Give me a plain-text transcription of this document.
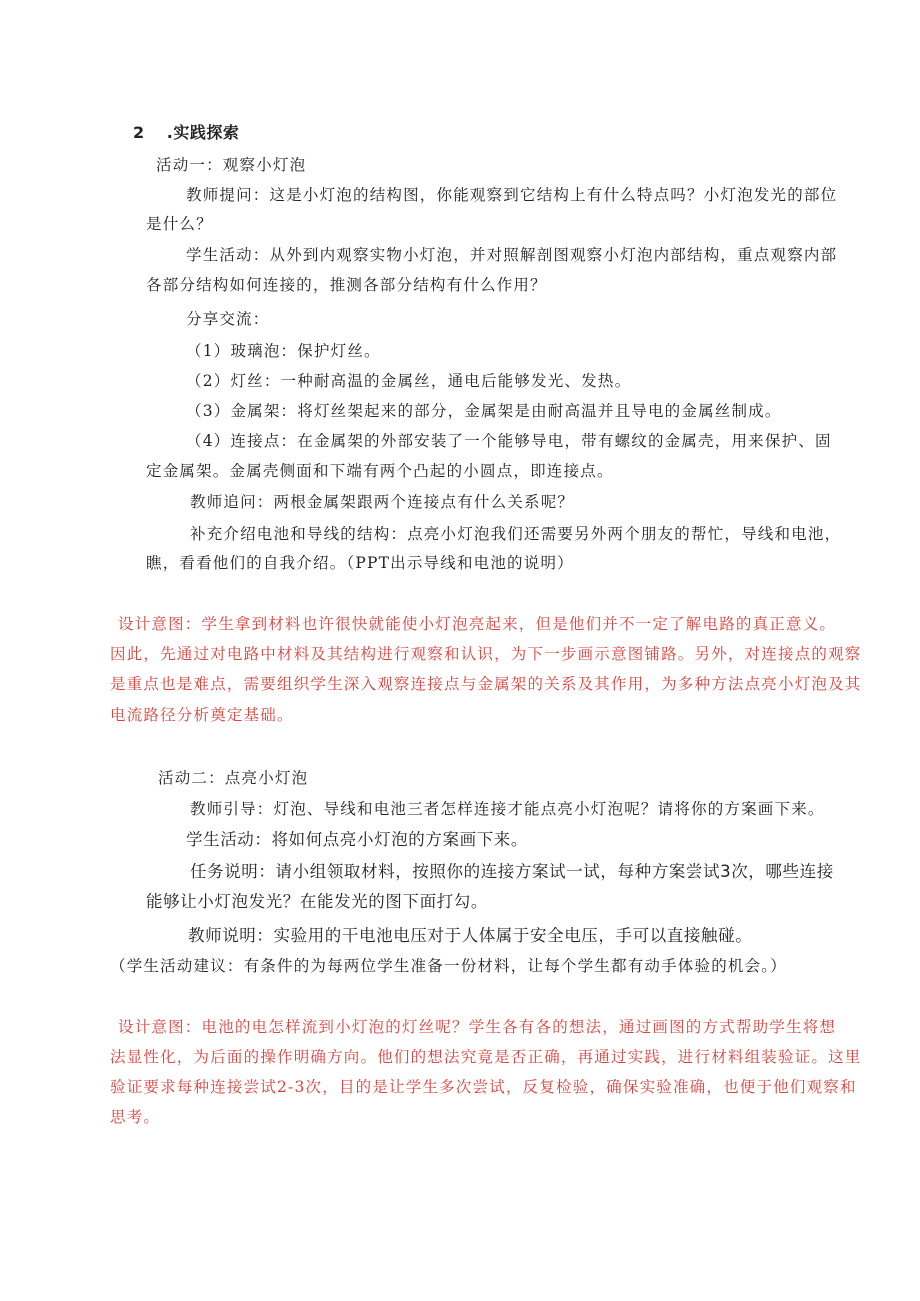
2 .实践探索

活动一：观察小灯泡

教师提问：这是小灯泡的结构图，你能观察到它结构上有什么特点吗？小灯泡发光的部位

是什么？

学生活动：从外到内观察实物小灯泡，并对照解剖图观察小灯泡内部结构，重点观察内部

各部分结构如何连接的，推测各部分结构有什么作用？

分享交流：

（1）玻璃泡：保护灯丝。

（2）灯丝：一种耐高温的金属丝，通电后能够发光、发热。

（3）金属架：将灯丝架起来的部分，金属架是由耐高温并且导电的金属丝制成。

（4）连接点：在金属架的外部安装了一个能够导电，带有螺纹的金属壳，用来保护、固

定金属架。金属壳侧面和下端有两个凸起的小圆点，即连接点。

教师追问：两根金属架跟两个连接点有什么关系呢？

补充介绍电池和导线的结构：点亮小灯泡我们还需要另外两个朋友的帮忙，导线和电池，

瞧，看看他们的自我介绍。（PPT出示导线和电池的说明）

设计意图：学生拿到材料也许很快就能使小灯泡亮起来，但是他们并不一定了解电路的真正意义。

因此，先通过对电路中材料及其结构进行观察和认识，为下一步画示意图铺路。另外，对连接点的观察

是重点也是难点，需要组织学生深入观察连接点与金属架的关系及其作用，为多种方法点亮小灯泡及其

电流路径分析奠定基础。

活动二：点亮小灯泡

教师引导：灯泡、导线和电池三者怎样连接才能点亮小灯泡呢？请将你的方案画下来。

学生活动：将如何点亮小灯泡的方案画下来。

任务说明：请小组领取材料，按照你的连接方案试一试，每种方案尝试3次，哪些连接

能够让小灯泡发光？在能发光的图下面打勾。

教师说明：实验用的干电池电压对于人体属于安全电压，手可以直接触碰。

（学生活动建议：有条件的为每两位学生准备一份材料，让每个学生都有动手体验的机会。）

设计意图：电池的电怎样流到小灯泡的灯丝呢？学生各有各的想法，通过画图的方式帮助学生将想

法显性化，为后面的操作明确方向。他们的想法究竟是否正确，再通过实践，进行材料组装验证。这里

验证要求每种连接尝试2-3次，目的是让学生多次尝试，反复检验，确保实验准确，也便于他们观察和

思考。
